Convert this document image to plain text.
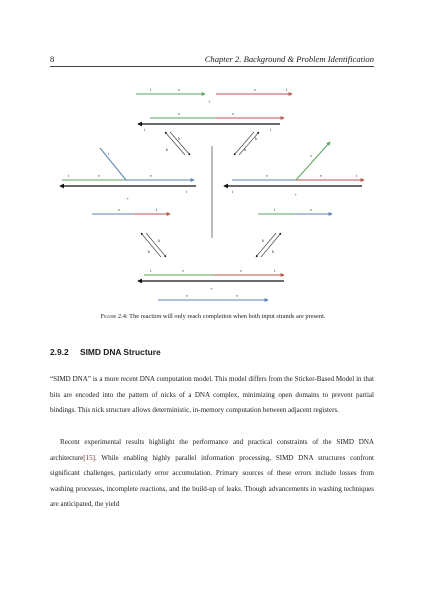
8	Chapter 2. Background & Problem Identification
t	v	v	t
+
v	v
t	t
k
k
k
k
t
t	v	v
t
+
v
v	v	t
t
+
v	t	t	v
k
k
k
k
t	v	v	t
+
v	v
Figure 2.4: The reaction will only reach completion when both input strands are present.
2.9.2 SIMD DNA Structure

“SIMD DNA” is a more recent DNA computation model. This model differs from the Sticker-Based Model in that bits are encoded into the pattern of nicks of a DNA complex, minimizing open domains to prevent partial bindings. This nick structure allows deterministic, in-memory computation between adjacent registers.

Recent experimental results highlight the performance and practical constraints of the SIMD DNA architecture[15]. While enabling highly parallel information processing, SIMD DNA structures confront significant challenges, particularly error accumulation. Primary sources of these errors include losses from washing processes, incomplete reactions, and the build-up of leaks. Though advancements in washing techniques are anticipated, the yield
